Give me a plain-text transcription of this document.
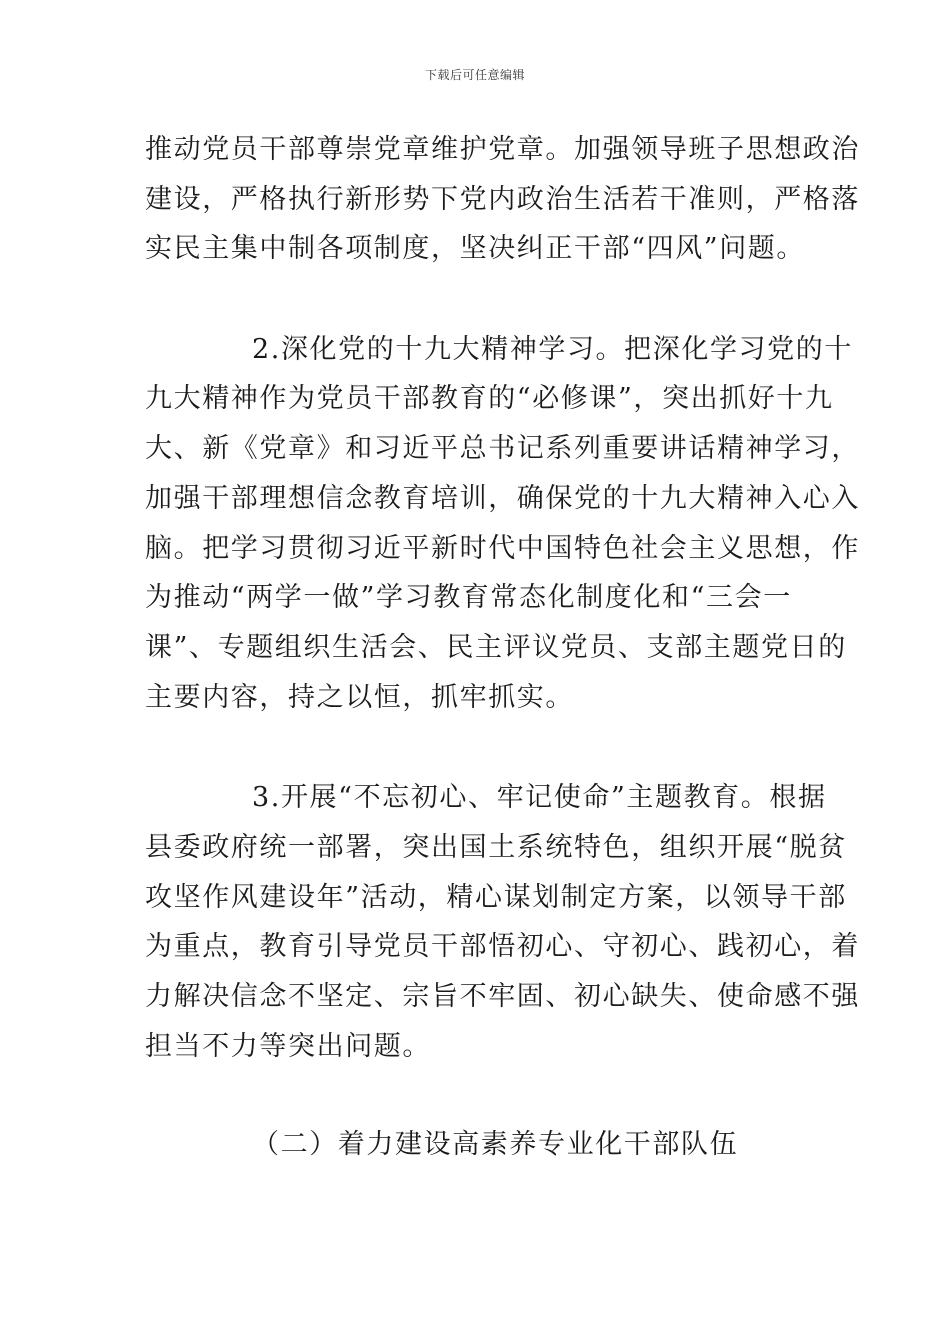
下载后可任意编辑
推动党员干部尊崇党章维护党章。加强领导班子思想政治
建设，严格执行新形势下党内政治生活若干准则，严格落
实民主集中制各项制度，坚决纠正干部“四风”问题。
2.深化党的十九大精神学习。把深化学习党的十
九大精神作为党员干部教育的“必修课”，突出抓好十九
大、新《党章》和习近平总书记系列重要讲话精神学习，
加强干部理想信念教育培训，确保党的十九大精神入心入
脑。把学习贯彻习近平新时代中国特色社会主义思想，作
为推动“两学一做”学习教育常态化制度化和“三会一
课”、专题组织生活会、民主评议党员、支部主题党日的
主要内容，持之以恒，抓牢抓实。
3.开展“不忘初心、牢记使命”主题教育。根据
县委政府统一部署，突出国土系统特色，组织开展“脱贫
攻坚作风建设年”活动，精心谋划制定方案，以领导干部
为重点，教育引导党员干部悟初心、守初心、践初心，着
力解决信念不坚定、宗旨不牢固、初心缺失、使命感不强
担当不力等突出问题。
（二）着力建设高素养专业化干部队伍
